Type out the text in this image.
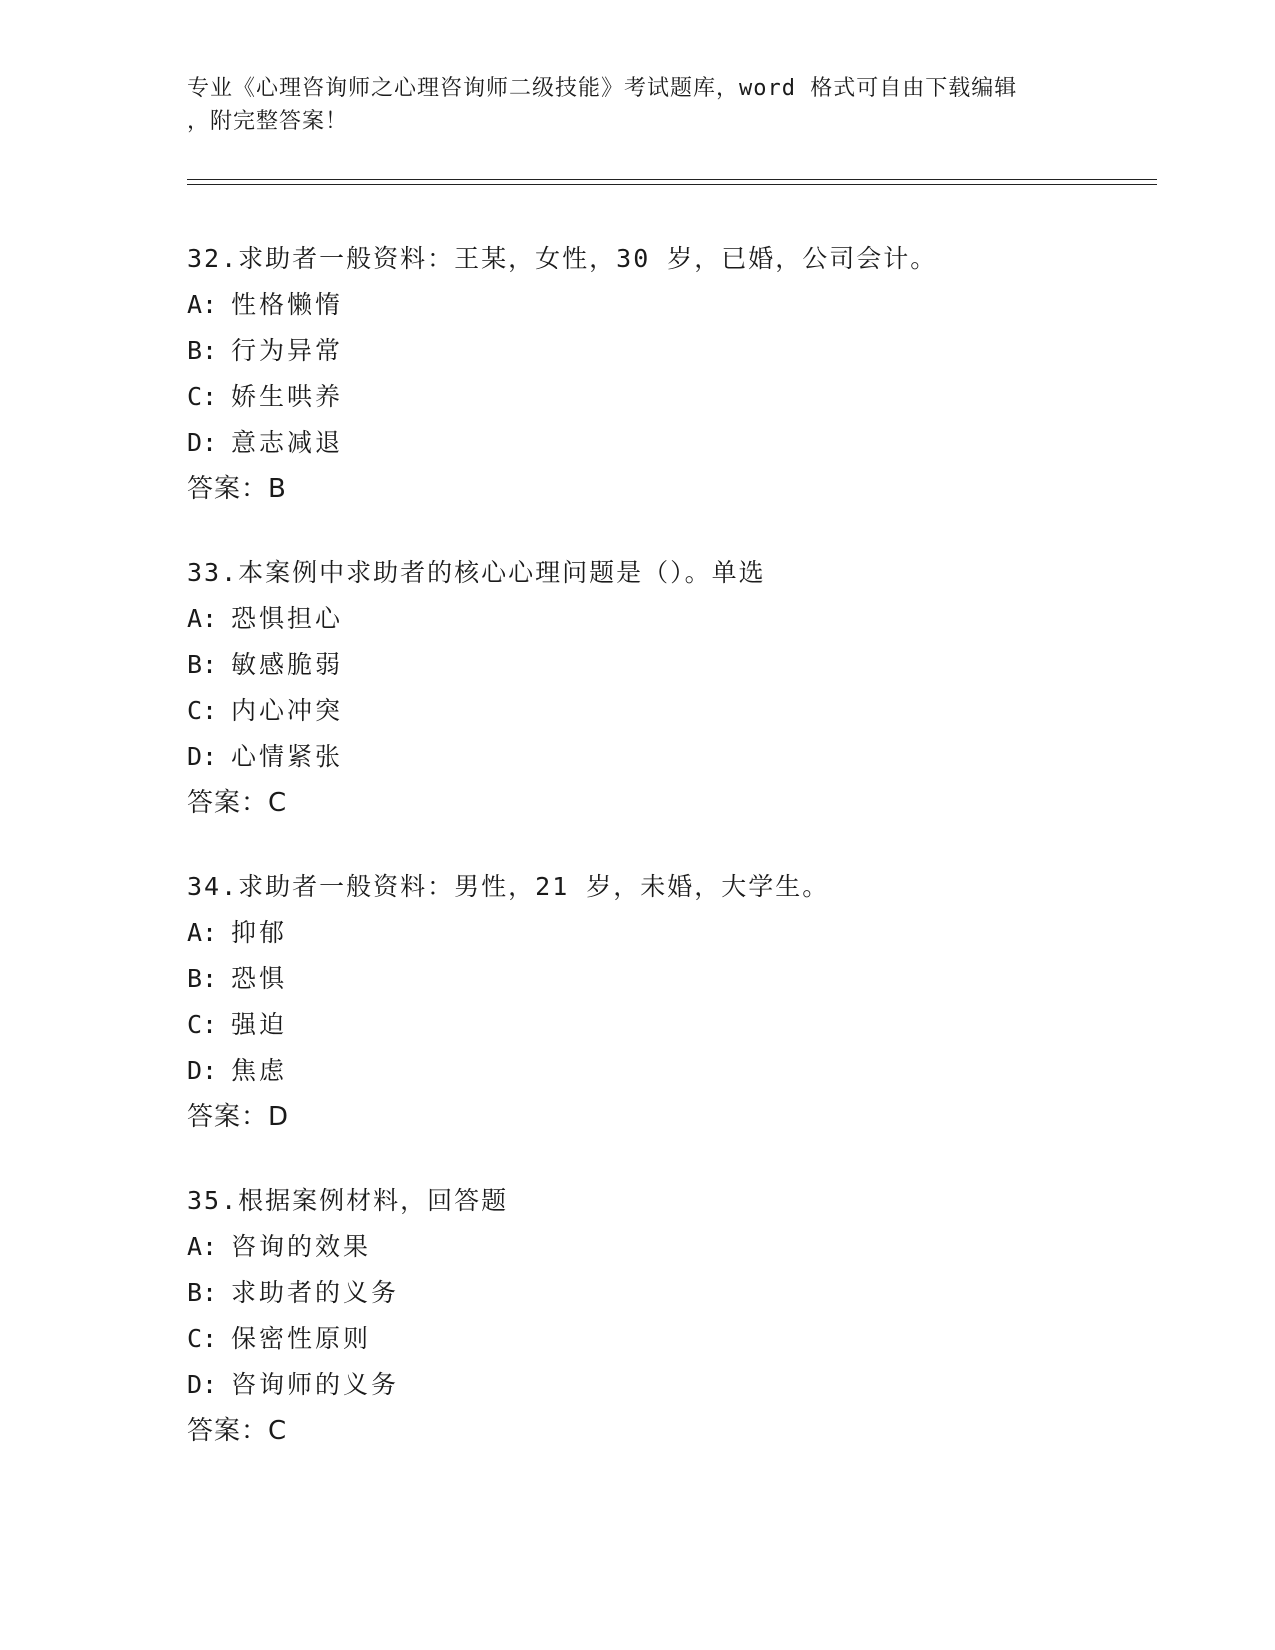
专业《心理咨询师之心理咨询师二级技能》考试题库，word 格式可自由下载编辑
，附完整答案！
32.求助者一般资料：王某，女性，30 岁，已婚，公司会计。
A: 性格懒惰
B: 行为异常
C: 娇生哄养
D: 意志减退
答案：B
33.本案例中求助者的核心心理问题是（）。单选
A: 恐惧担心
B: 敏感脆弱
C: 内心冲突
D: 心情紧张
答案：C
34.求助者一般资料：男性，21 岁，未婚，大学生。
A: 抑郁
B: 恐惧
C: 强迫
D: 焦虑
答案：D
35.根据案例材料，回答题
A: 咨询的效果
B: 求助者的义务
C: 保密性原则
D: 咨询师的义务
答案：C
